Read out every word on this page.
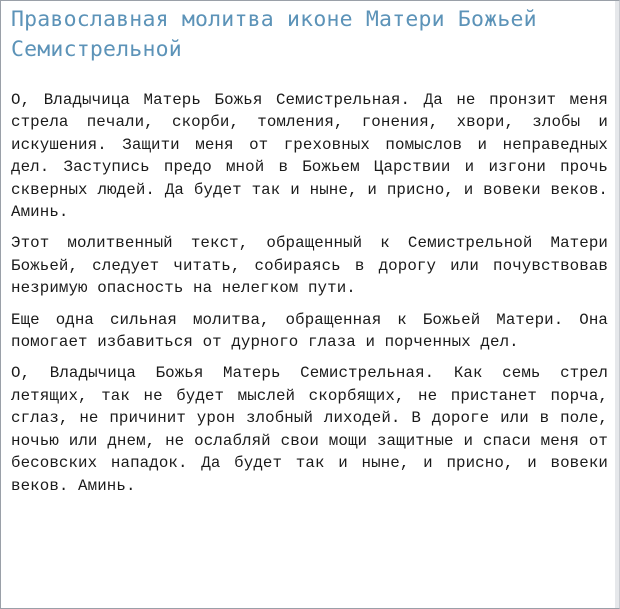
Православная молитва иконе Матери Божьей Семистрельной

О, Владычица Матерь Божья Семистрельная. Да не пронзит меня стрела печали, скорби, томления, гонения, хвори, злобы и искушения. Защити меня от греховных помыслов и неправедных дел. Заступись предо мной в Божьем Царствии и изгони прочь скверных людей. Да будет так и ныне, и присно, и вовеки веков. Аминь.

Этот молитвенный текст, обращенный к Семистрельной Матери Божьей, следует читать, собираясь в дорогу или почувствовав незримую опасность на нелегком пути.

Еще одна сильная молитва, обращенная к Божьей Матери. Она помогает избавиться от дурного глаза и порченных дел.

О, Владычица Божья Матерь Семистрельная. Как семь стрел летящих, так не будет мыслей скорбящих, не пристанет порча, сглаз, не причинит урон злобный лиходей. В дороге или в поле, ночью или днем, не ослабляй свои мощи защитные и спаси меня от бесовских нападок. Да будет так и ныне, и присно, и вовеки веков. Аминь.
